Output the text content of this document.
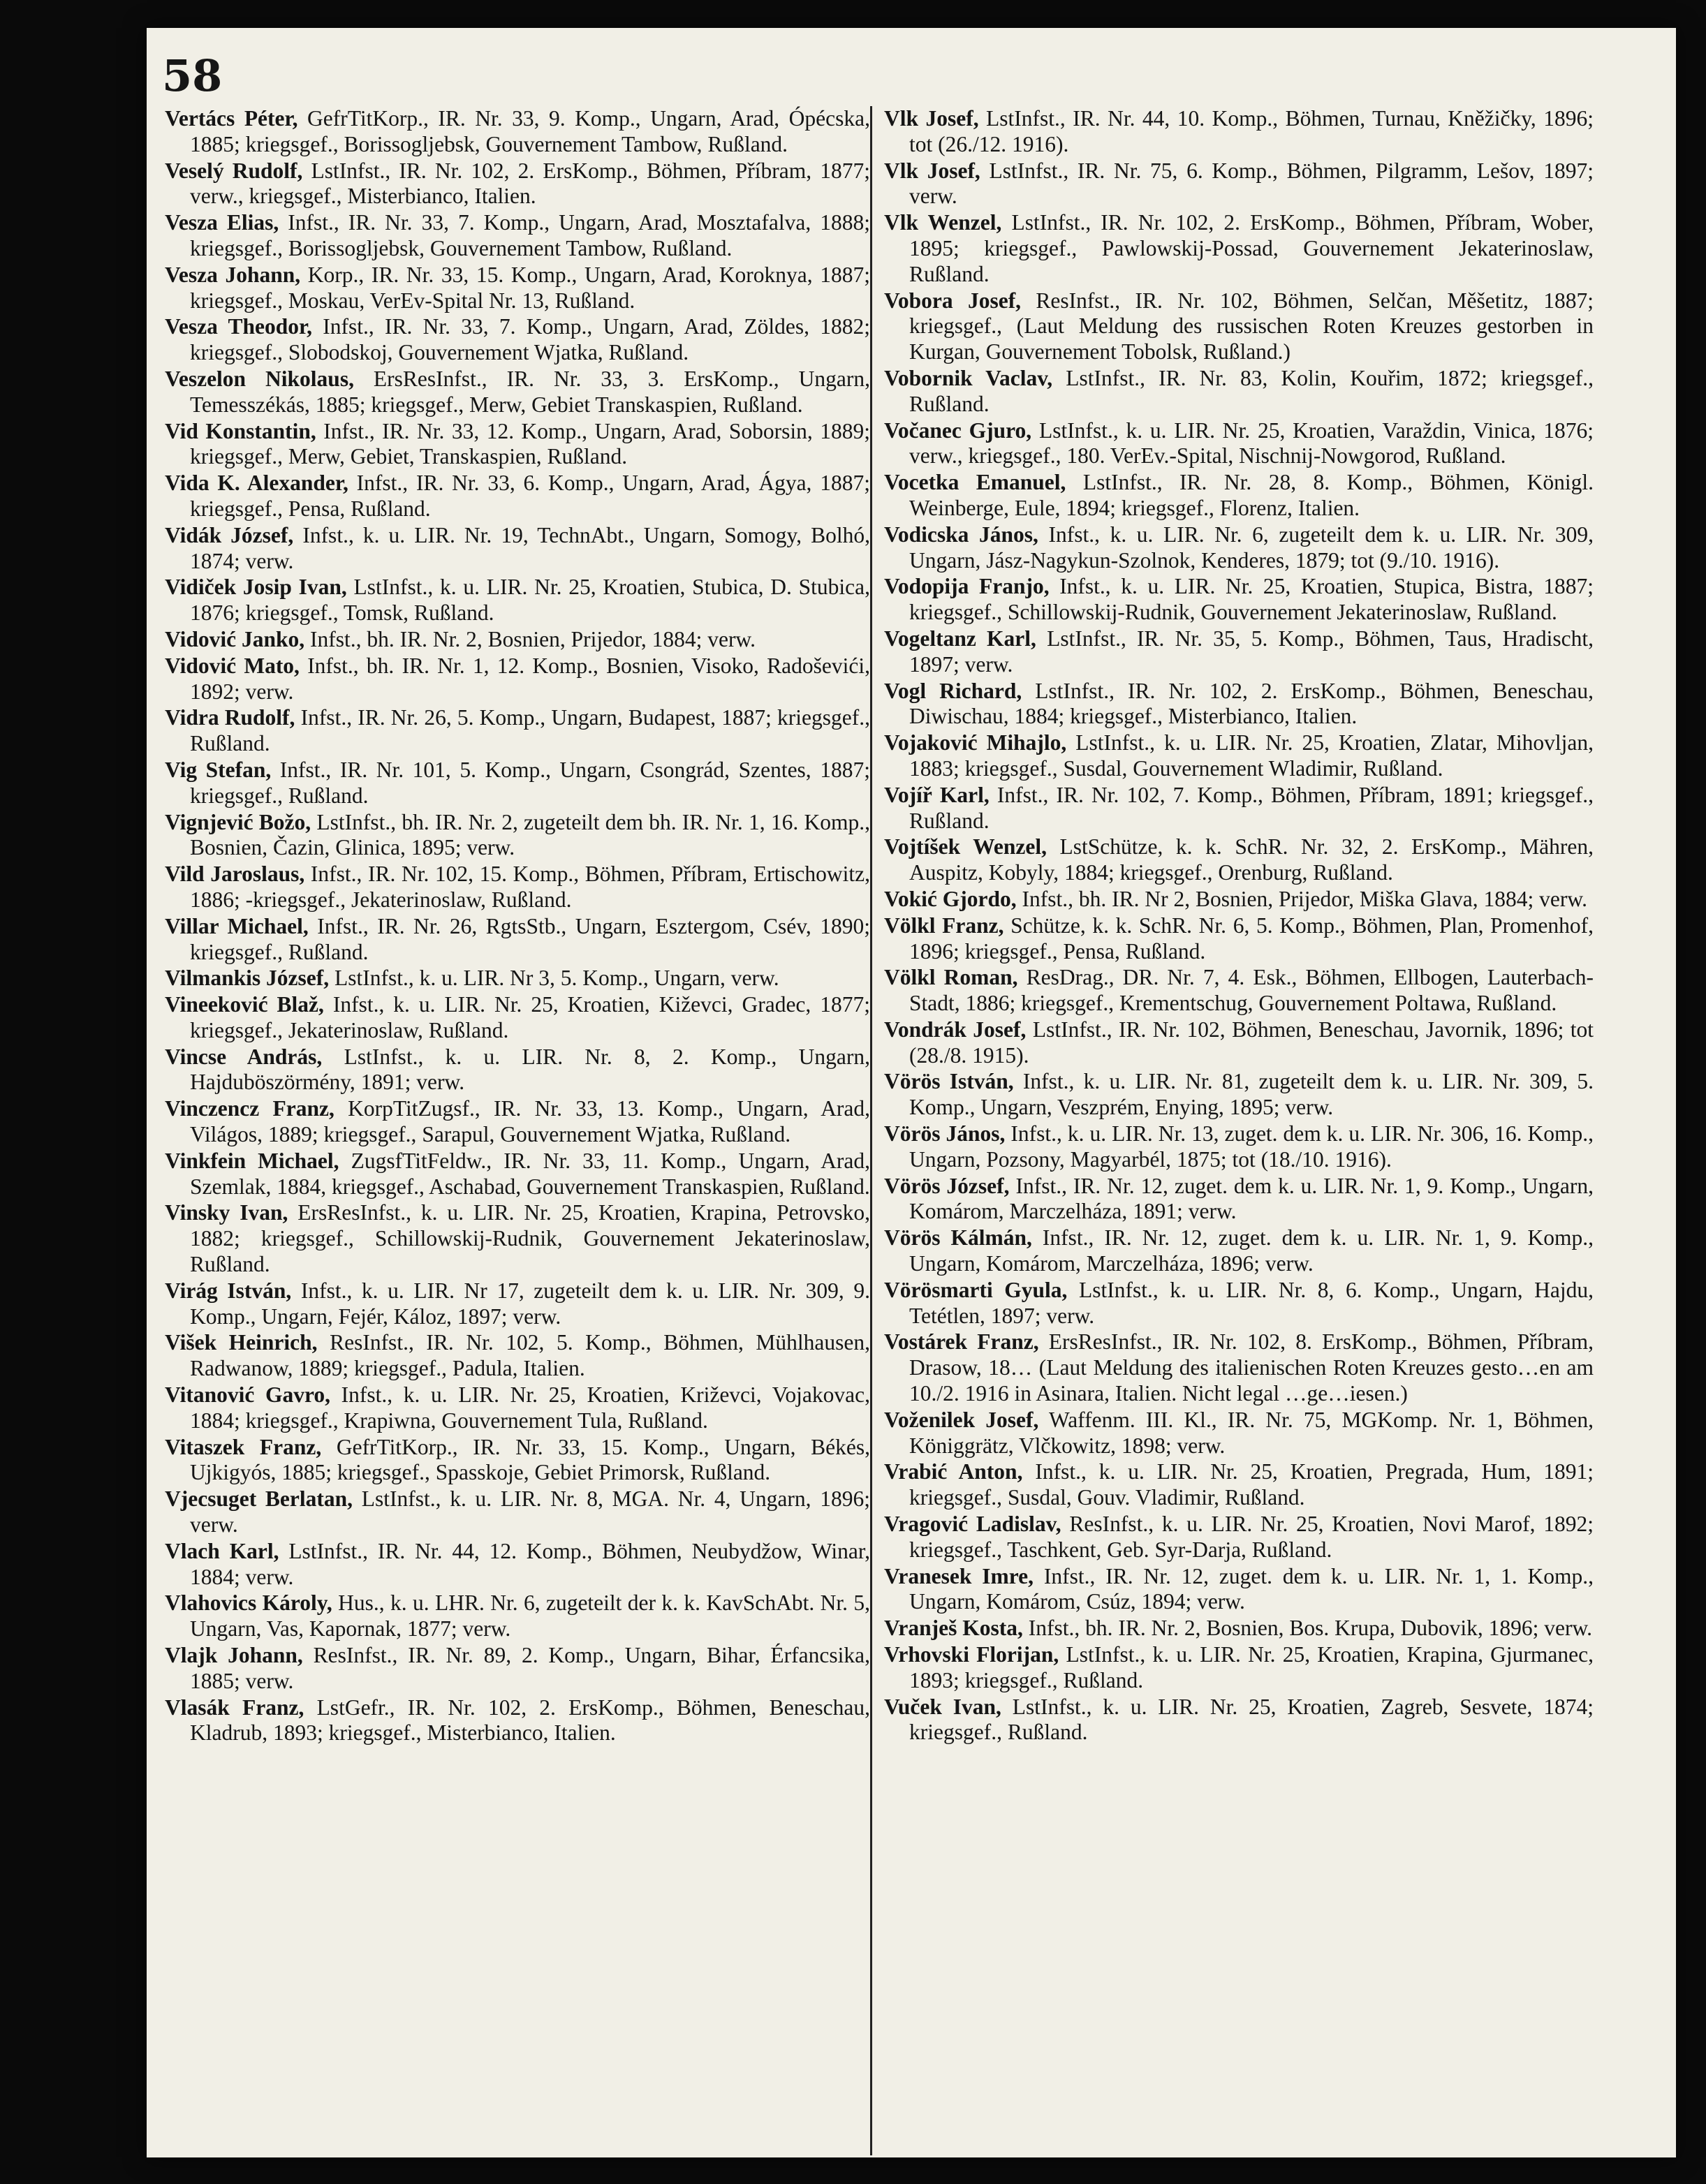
58

Vertács Péter, GefrTitKorp., IR. Nr. 33, 9. Komp., Ungarn, Arad, Ópécska, 1885; kriegsgef., Borissogljebsk, Gouvernement Tambow, Rußland.

Veselý Rudolf, LstInfst., IR. Nr. 102, 2. ErsKomp., Böhmen, Příbram, 1877; verw., kriegsgef., Misterbianco, Italien.

Vesza Elias, Infst., IR. Nr. 33, 7. Komp., Ungarn, Arad, Mosztafalva, 1888; kriegsgef., Borissogljebsk, Gouvernement Tambow, Rußland.

Vesza Johann, Korp., IR. Nr. 33, 15. Komp., Ungarn, Arad, Koroknya, 1887; kriegsgef., Moskau, VerEv-Spital Nr. 13, Rußland.

Vesza Theodor, Infst., IR. Nr. 33, 7. Komp., Ungarn, Arad, Zöldes, 1882; kriegsgef., Slobodskoj, Gouvernement Wjatka, Rußland.

Veszelon Nikolaus, ErsResInfst., IR. Nr. 33, 3. ErsKomp., Ungarn, Temesszékás, 1885; kriegsgef., Merw, Gebiet Transkaspien, Rußland.

Vid Konstantin, Infst., IR. Nr. 33, 12. Komp., Ungarn, Arad, Soborsin, 1889; kriegsgef., Merw, Gebiet, Transkaspien, Rußland.

Vida K. Alexander, Infst., IR. Nr. 33, 6. Komp., Ungarn, Arad, Ágya, 1887; kriegsgef., Pensa, Rußland.

Vidák József, Infst., k. u. LIR. Nr. 19, TechnAbt., Ungarn, Somogy, Bolhó, 1874; verw.

Vidiček Josip Ivan, LstInfst., k. u. LIR. Nr. 25, Kroatien, Stubica, D. Stubica, 1876; kriegsgef., Tomsk, Rußland.

Vidović Janko, Infst., bh. IR. Nr. 2, Bosnien, Prijedor, 1884; verw.

Vidović Mato, Infst., bh. IR. Nr. 1, 12. Komp., Bosnien, Visoko, Radoševići, 1892; verw.

Vidra Rudolf, Infst., IR. Nr. 26, 5. Komp., Ungarn, Budapest, 1887; kriegsgef., Rußland.

Vig Stefan, Infst., IR. Nr. 101, 5. Komp., Ungarn, Csongrád, Szentes, 1887; kriegsgef., Rußland.

Vignjević Božo, LstInfst., bh. IR. Nr. 2, zugeteilt dem bh. IR. Nr. 1, 16. Komp., Bosnien, Čazin, Glinica, 1895; verw.

Vild Jaroslaus, Infst., IR. Nr. 102, 15. Komp., Böhmen, Příbram, Ertischowitz, 1886; -kriegsgef., Jekaterinoslaw, Rußland.

Villar Michael, Infst., IR. Nr. 26, RgtsStb., Ungarn, Esztergom, Csév, 1890; kriegsgef., Rußland.

Vilmankis József, LstInfst., k. u. LIR. Nr 3, 5. Komp., Ungarn, verw.

Vineeković Blaž, Infst., k. u. LIR. Nr. 25, Kroatien, Kiževci, Gradec, 1877; kriegsgef., Jekaterinoslaw, Rußland.

Vincse András, LstInfst., k. u. LIR. Nr. 8, 2. Komp., Ungarn, Hajduböszörmény, 1891; verw.

Vinczencz Franz, KorpTitZugsf., IR. Nr. 33, 13. Komp., Ungarn, Arad, Világos, 1889; kriegsgef., Sarapul, Gouvernement Wjatka, Rußland.

Vinkfein Michael, ZugsfTitFeldw., IR. Nr. 33, 11. Komp., Ungarn, Arad, Szemlak, 1884, kriegsgef., Aschabad, Gouvernement Transkaspien, Rußland.

Vinsky Ivan, ErsResInfst., k. u. LIR. Nr. 25, Kroatien, Krapina, Petrovsko, 1882; kriegsgef., Schillowskij-Rudnik, Gouvernement Jekaterinoslaw, Rußland.

Virág István, Infst., k. u. LIR. Nr 17, zugeteilt dem k. u. LIR. Nr. 309, 9. Komp., Ungarn, Fejér, Káloz, 1897; verw.

Višek Heinrich, ResInfst., IR. Nr. 102, 5. Komp., Böhmen, Mühlhausen, Radwanow, 1889; kriegsgef., Padula, Italien.

Vitanović Gavro, Infst., k. u. LIR. Nr. 25, Kroatien, Križevci, Vojakovac, 1884; kriegsgef., Krapiwna, Gouvernement Tula, Rußland.

Vitaszek Franz, GefrTitKorp., IR. Nr. 33, 15. Komp., Ungarn, Békés, Ujkigyós, 1885; kriegsgef., Spasskoje, Gebiet Primorsk, Rußland.

Vjecsuget Berlatan, LstInfst., k. u. LIR. Nr. 8, MGA. Nr. 4, Ungarn, 1896; verw.

Vlach Karl, LstInfst., IR. Nr. 44, 12. Komp., Böhmen, Neubydžow, Winar, 1884; verw.

Vlahovics Károly, Hus., k. u. LHR. Nr. 6, zugeteilt der k. k. KavSchAbt. Nr. 5, Ungarn, Vas, Kapornak, 1877; verw.

Vlajk Johann, ResInfst., IR. Nr. 89, 2. Komp., Ungarn, Bihar, Érfancsika, 1885; verw.

Vlasák Franz, LstGefr., IR. Nr. 102, 2. ErsKomp., Böhmen, Beneschau, Kladrub, 1893; kriegsgef., Misterbianco, Italien.

Vlk Josef, LstInfst., IR. Nr. 44, 10. Komp., Böhmen, Turnau, Kněžičky, 1896; tot (26./12. 1916).

Vlk Josef, LstInfst., IR. Nr. 75, 6. Komp., Böhmen, Pilgramm, Lešov, 1897; verw.

Vlk Wenzel, LstInfst., IR. Nr. 102, 2. ErsKomp., Böhmen, Příbram, Wober, 1895; kriegsgef., Pawlowskij-Possad, Gouvernement Jekaterinoslaw, Rußland.

Vobora Josef, ResInfst., IR. Nr. 102, Böhmen, Selčan, Měšetitz, 1887; kriegsgef., (Laut Meldung des russischen Roten Kreuzes gestorben in Kurgan, Gouvernement Tobolsk, Rußland.)

Vobornik Vaclav, LstInfst., IR. Nr. 83, Kolin, Kouřim, 1872; kriegsgef., Rußland.

Vočanec Gjuro, LstInfst., k. u. LIR. Nr. 25, Kroatien, Varaždin, Vinica, 1876; verw., kriegsgef., 180. VerEv.-Spital, Nischnij-Nowgorod, Rußland.

Vocetka Emanuel, LstInfst., IR. Nr. 28, 8. Komp., Böhmen, Königl. Weinberge, Eule, 1894; kriegsgef., Florenz, Italien.

Vodicska János, Infst., k. u. LIR. Nr. 6, zugeteilt dem k. u. LIR. Nr. 309, Ungarn, Jász-Nagykun-Szolnok, Kenderes, 1879; tot (9./10. 1916).

Vodopija Franjo, Infst., k. u. LIR. Nr. 25, Kroatien, Stupica, Bistra, 1887; kriegsgef., Schillowskij-Rudnik, Gouvernement Jekaterinoslaw, Rußland.

Vogeltanz Karl, LstInfst., IR. Nr. 35, 5. Komp., Böhmen, Taus, Hradischt, 1897; verw.

Vogl Richard, LstInfst., IR. Nr. 102, 2. ErsKomp., Böhmen, Beneschau, Diwischau, 1884; kriegsgef., Misterbianco, Italien.

Vojaković Mihajlo, LstInfst., k. u. LIR. Nr. 25, Kroatien, Zlatar, Mihovljan, 1883; kriegsgef., Susdal, Gouvernement Wladimir, Rußland.

Vojíř Karl, Infst., IR. Nr. 102, 7. Komp., Böhmen, Příbram, 1891; kriegsgef., Rußland.

Vojtíšek Wenzel, LstSchütze, k. k. SchR. Nr. 32, 2. ErsKomp., Mähren, Auspitz, Kobyly, 1884; kriegsgef., Orenburg, Rußland.

Vokić Gjordo, Infst., bh. IR. Nr 2, Bosnien, Prijedor, Miška Glava, 1884; verw.

Völkl Franz, Schütze, k. k. SchR. Nr. 6, 5. Komp., Böhmen, Plan, Promenhof, 1896; kriegsgef., Pensa, Rußland.

Völkl Roman, ResDrag., DR. Nr. 7, 4. Esk., Böhmen, Ellbogen, Lauterbach-Stadt, 1886; kriegsgef., Krementschug, Gouvernement Poltawa, Rußland.

Vondrák Josef, LstInfst., IR. Nr. 102, Böhmen, Beneschau, Javornik, 1896; tot (28./8. 1915).

Vörös István, Infst., k. u. LIR. Nr. 81, zugeteilt dem k. u. LIR. Nr. 309, 5. Komp., Ungarn, Veszprém, Enying, 1895; verw.

Vörös János, Infst., k. u. LIR. Nr. 13, zuget. dem k. u. LIR. Nr. 306, 16. Komp., Ungarn, Pozsony, Magyarbél, 1875; tot (18./10. 1916).

Vörös József, Infst., IR. Nr. 12, zuget. dem k. u. LIR. Nr. 1, 9. Komp., Ungarn, Komárom, Marczelháza, 1891; verw.

Vörös Kálmán, Infst., IR. Nr. 12, zuget. dem k. u. LIR. Nr. 1, 9. Komp., Ungarn, Komárom, Marczelháza, 1896; verw.

Vörösmarti Gyula, LstInfst., k. u. LIR. Nr. 8, 6. Komp., Ungarn, Hajdu, Tetétlen, 1897; verw.

Vostárek Franz, ErsResInfst., IR. Nr. 102, 8. ErsKomp., Böhmen, Příbram, Drasow, 18… (Laut Meldung des italienischen Roten Kreuzes gesto…en am 10./2. 1916 in Asinara, Italien. Nicht legal …ge…iesen.)

Voženilek Josef, Waffenm. III. Kl., IR. Nr. 75, MGKomp. Nr. 1, Böhmen, Königgrätz, Vlčkowitz, 1898; verw.

Vrabić Anton, Infst., k. u. LIR. Nr. 25, Kroatien, Pregrada, Hum, 1891; kriegsgef., Susdal, Gouv. Vladimir, Rußland.

Vragović Ladislav, ResInfst., k. u. LIR. Nr. 25, Kroatien, Novi Marof, 1892; kriegsgef., Taschkent, Geb. Syr-Darja, Rußland.

Vranesek Imre, Infst., IR. Nr. 12, zuget. dem k. u. LIR. Nr. 1, 1. Komp., Ungarn, Komárom, Csúz, 1894; verw.

Vranješ Kosta, Infst., bh. IR. Nr. 2, Bosnien, Bos. Krupa, Dubovik, 1896; verw.

Vrhovski Florijan, LstInfst., k. u. LIR. Nr. 25, Kroatien, Krapina, Gjurmanec, 1893; kriegsgef., Rußland.

Vuček Ivan, LstInfst., k. u. LIR. Nr. 25, Kroatien, Zagreb, Sesvete, 1874; kriegsgef., Rußland.
